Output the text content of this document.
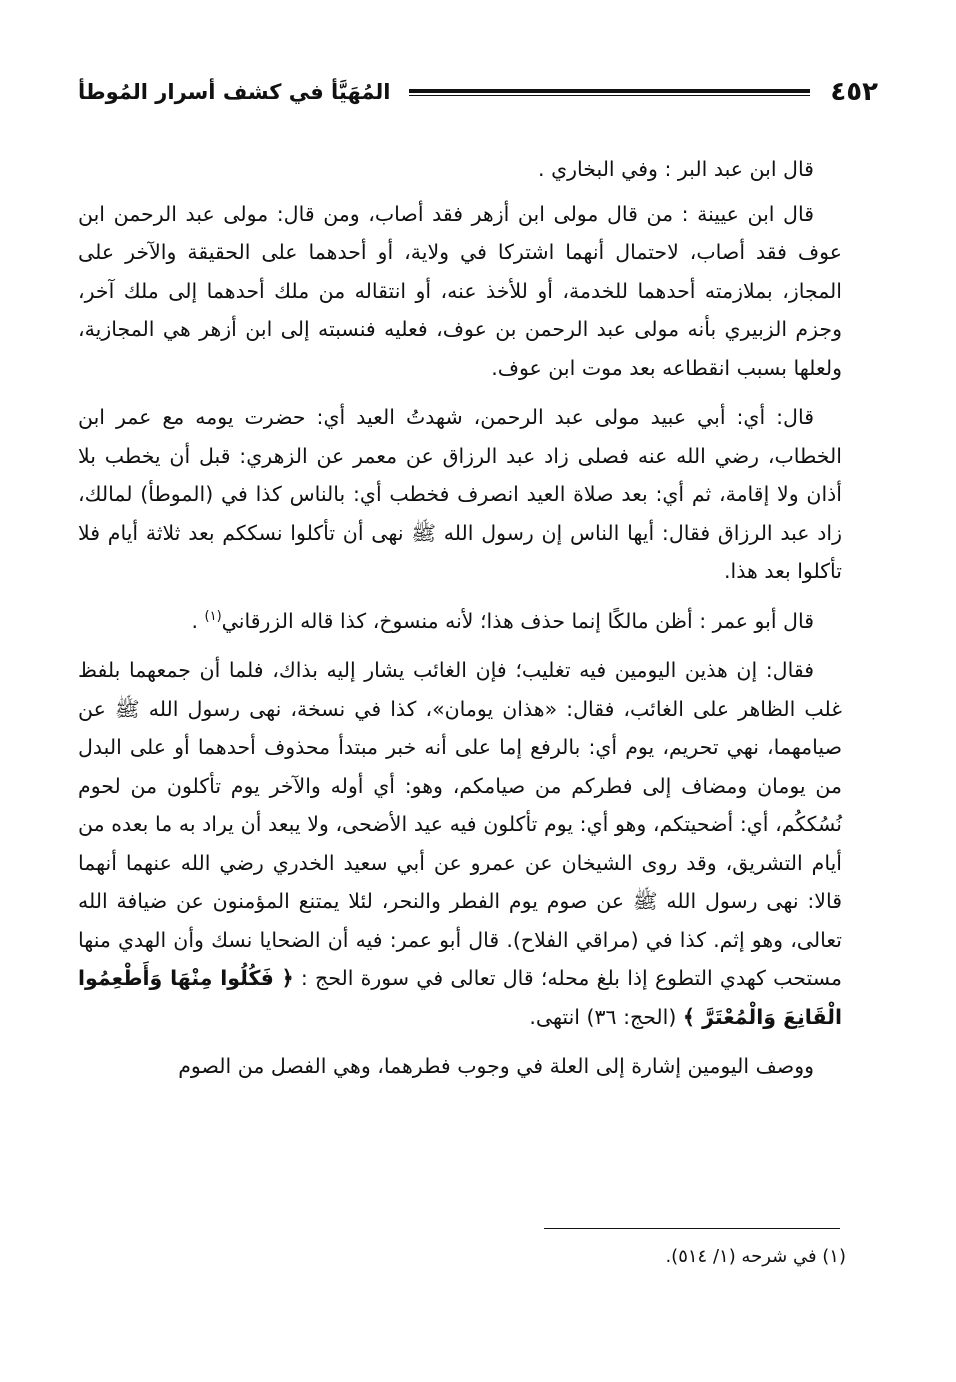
٤٥٢
المُهَيَّأ في كشف أسرار المُوطأ

قال ابن عبد البر : وفي البخاري .

قال ابن عيينة : من قال مولى ابن أزهر فقد أصاب، ومن قال: مولى عبد الرحمن ابن عوف فقد أصاب، لاحتمال أنهما اشتركا في ولاية، أو أحدهما على الحقيقة والآخر على المجاز، بملازمته أحدهما للخدمة، أو للأخذ عنه، أو انتقاله من ملك أحدهما إلى ملك آخر، وجزم الزبيري بأنه مولى عبد الرحمن بن عوف، فعليه فنسبته إلى ابن أزهر هي المجازية، ولعلها بسبب انقطاعه بعد موت ابن عوف.

قال: أي: أبي عبيد مولى عبد الرحمن، شهدتُ العيد أي: حضرت يومه مع عمر ابن الخطاب، رضي الله عنه فصلى زاد عبد الرزاق عن معمر عن الزهري: قبل أن يخطب بلا أذان ولا إقامة، ثم أي: بعد صلاة العيد انصرف فخطب أي: بالناس كذا في (الموطأ) لمالك، زاد عبد الرزاق فقال: أيها الناس إن رسول الله ﷺ نهى أن تأكلوا نسككم بعد ثلاثة أيام فلا تأكلوا بعد هذا.

قال أبو عمر : أظن مالكًا إنما حذف هذا؛ لأنه منسوخ، كذا قاله الزرقاني$^{(١)}$ .

فقال: إن هذين اليومين فيه تغليب؛ فإن الغائب يشار إليه بذاك، فلما أن جمعهما بلفظ غلب الظاهر على الغائب، فقال: «هذان يومان»، كذا في نسخة، نهى رسول الله ﷺ عن صيامهما، نهي تحريم، يوم أي: بالرفع إما على أنه خبر مبتدأ محذوف أحدهما أو على البدل من يومان ومضاف إلى فطركم من صيامكم، وهو: أي أوله والآخر يوم تأكلون من لحوم نُسُككُم، أي: أضحيتكم، وهو أي: يوم تأكلون فيه عيد الأضحى، ولا يبعد أن يراد به ما بعده من أيام التشريق، وقد روى الشيخان عن عمرو عن أبي سعيد الخدري رضي الله عنهما أنهما قالا: نهى رسول الله ﷺ عن صوم يوم الفطر والنحر، لئلا يمتنع المؤمنون عن ضيافة الله تعالى، وهو إثم. كذا في (مراقي الفلاح). قال أبو عمر: فيه أن الضحايا نسك وأن الهدي منها مستحب كهدي التطوع إذا بلغ محله؛ قال تعالى في سورة الحج : ﴿ فَكُلُوا مِنْهَا وَأَطْعِمُوا الْقَانِعَ وَالْمُعْتَرَّ ﴾ (الحج: ٣٦) انتهى.

ووصف اليومين إشارة إلى العلة في وجوب فطرهما، وهي الفصل من الصوم

(١) في شرحه (١/ ٥١٤).
